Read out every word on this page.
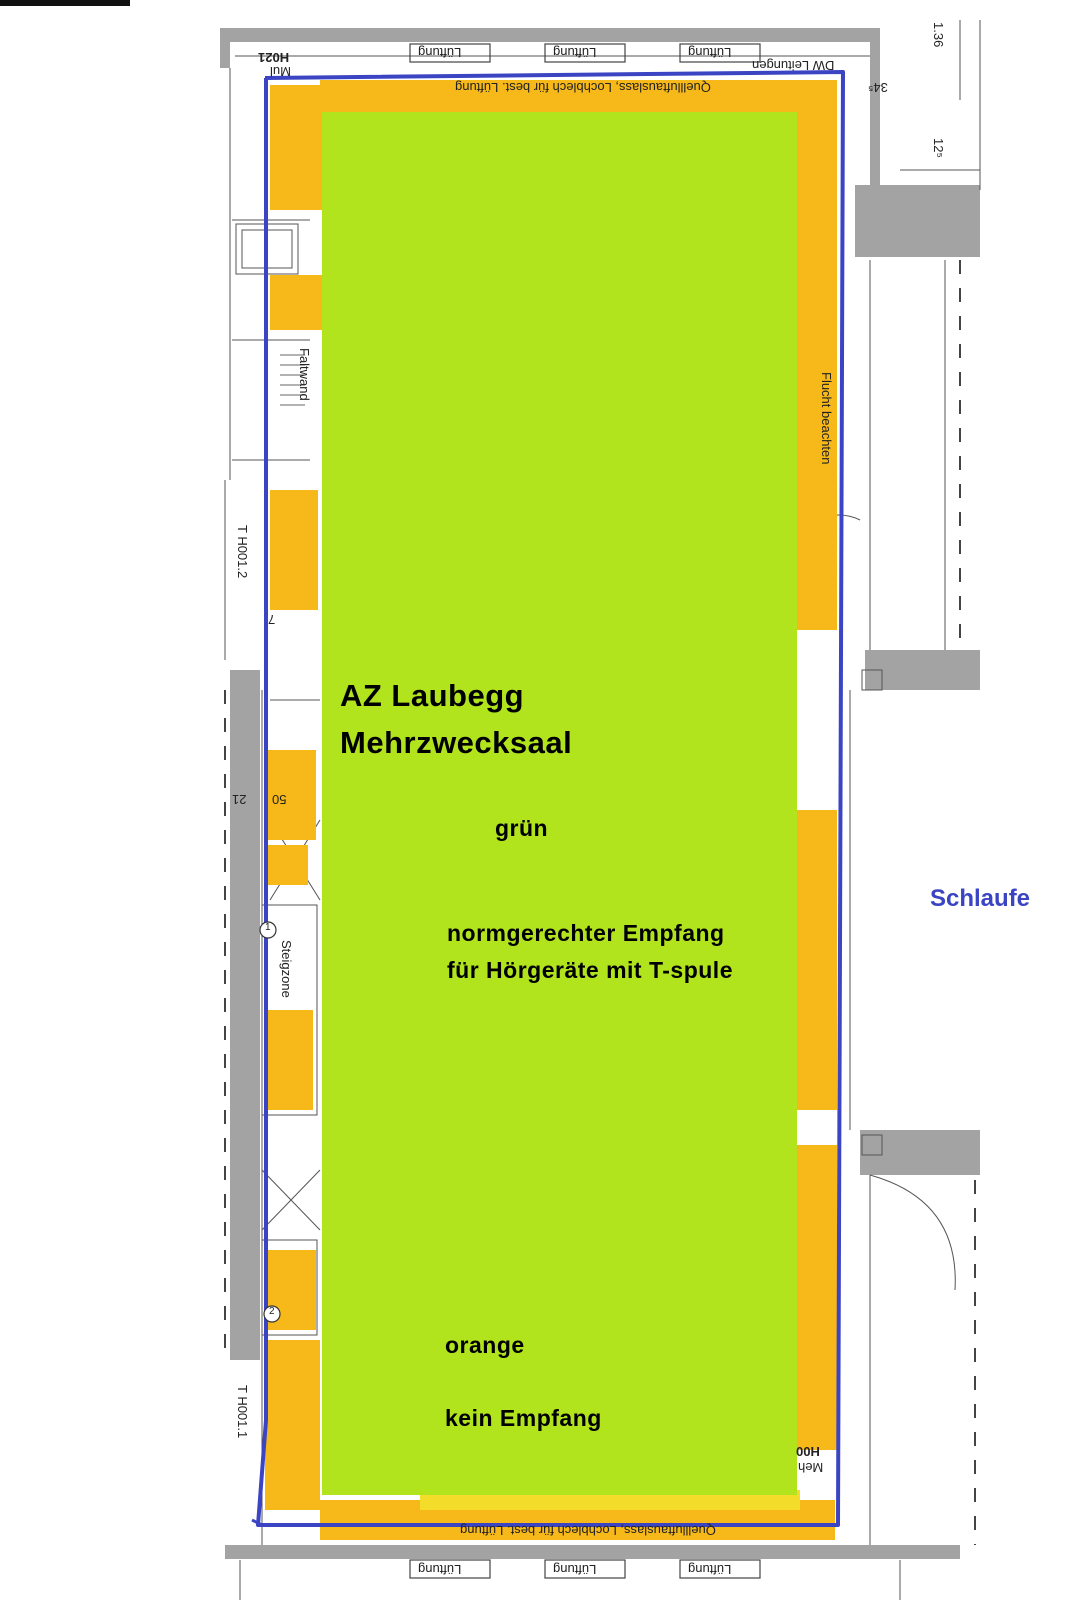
AZ Laubegg
Mehrzwecksaal
grün
normgerechter Empfang
für Hörgeräte mit T-spule
orange
kein Empfang
Schlaufe
Quellluftauslass, Lochblech für best. Lüftung
Quellluftauslass, Lochblech für best. Lüftung
Lüftung	Lüftung	Lüftung
Lüftung	Lüftung	Lüftung
DW Leitungen
H021
Mul
H00
Meh
34⁵
21 50
7
Faltwand	Flucht beachten
T H001.2
T H001.1
Steigzone
1.36
12⁵
1
2
